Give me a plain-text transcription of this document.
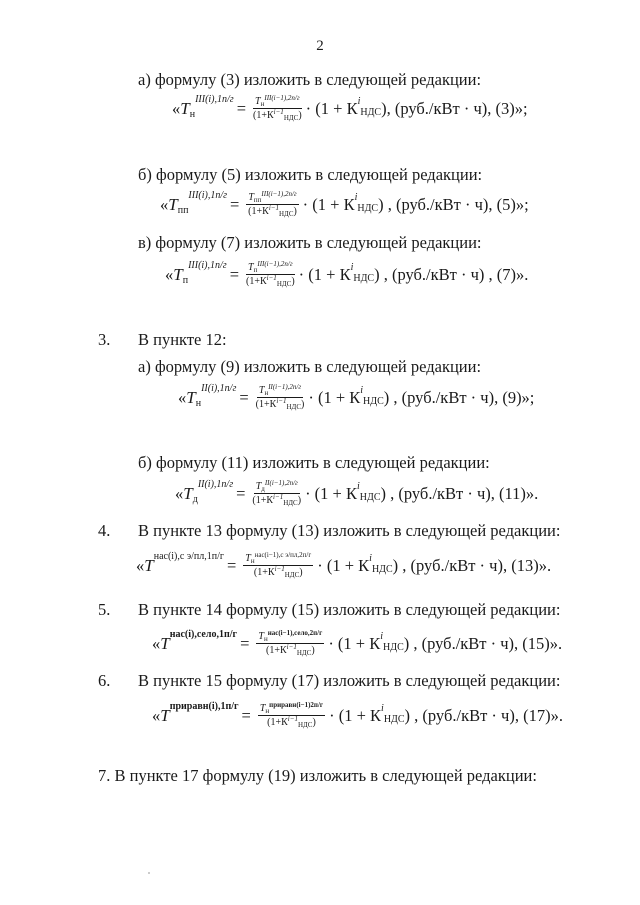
2
а) формулу (3) изложить в следующей редакции:
« T н
$III(i),1п/г = \frac{T_н^{III(i-1),2п/г}}{(1+К^{i-1}_{НДС})} \cdot (1 + К$ i
НДС ), (руб./кВт · ч), (3)»;
б) формулу (5) изложить в следующей редакции:
« T пп
$III(i),1п/г = \frac{T_{пп}^{III(i-1),2п/г}}{(1+К^{i-1}_{НДС})} \cdot (1 + К$ i
НДС ) , (руб./кВт · ч), (5)»;
в) формулу (7) изложить в следующей редакции:
« T п
$III(i),1п/г = \frac{T_п^{III(i-1),2п/г}}{(1+К^{i-1}_{НДС})} \cdot (1 + К$ i
НДС ) , (руб./кВт · ч) , (7)».
3. В пункте 12:
а) формулу (9) изложить в следующей редакции:
« T н
$II(i),1п/г = \frac{T_н^{II(i-1),2п/г}}{(1+К^{i-1}_{НДС})} \cdot (1 + К$ i
НДС ) , (руб./кВт · ч), (9)»;
б) формулу (11) изложить в следующей редакции:
« T д
$II(i),1п/г = \frac{T_д^{II(i-1),2п/г}}{(1+К^{i-1}_{НДС})} \cdot (1 + К$ i
НДС ) , (руб./кВт · ч), (11)».
4. В пункте 13 формулу (13) изложить в следующей редакции:
« T нас(i),с $э/пл,1п/г = \frac{T_н^{нас(i-1),с э/пл,2п/г}}{(1+К^{i-1}_{НДС})} \cdot (1 + К$ i
НДС ) , (руб./кВт · ч), (13)».
5. В пункте 14 формулу (15) изложить в следующей редакции:
« T нас(i),село,1п/г = $\frac{T_н^{нас(i-1),село,2п/г}}{(1+К^{i-1}_{НДС})} \cdot (1 + К$ i
НДС ) , (руб./кВт · ч), (15)».
6. В пункте 15 формулу (17) изложить в следующей редакции:
« T приравн(i),1п/г = $\frac{T_н^{приравн(i-1)2п/г}}{(1+К^{i-1}_{НДС})} \cdot (1 + К$ i
НДС ) , (руб./кВт · ч), (17)».
7. В пункте 17 формулу (19) изложить в следующей редакции:
